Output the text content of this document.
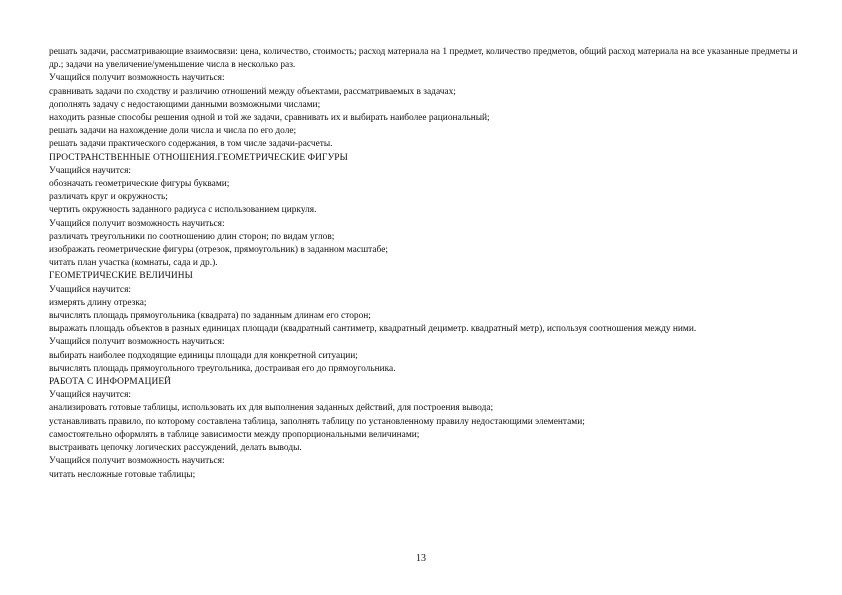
решать задачи, рассматривающие взаимосвязи: цена, количество, стоимость; расход материала на 1 предмет, количество предметов, общий расход материала на все указанные предметы и др.; задачи на увеличение/уменьшение числа в несколько раз.
Учащийся получит возможность научиться:
сравнивать задачи по сходству и различию отношений между объектами, рассматриваемых в задачах;
дополнять задачу с недостающими данными возможными числами;
находить разные способы решения одной и той же задачи, сравнивать их и выбирать наиболее рациональный;
решать задачи на нахождение доли числа и числа по его доле;
решать задачи практического содержания, в том числе задачи-расчеты.
ПРОСТРАНСТВЕННЫЕ ОТНОШЕНИЯ.ГЕОМЕТРИЧЕСКИЕ ФИГУРЫ
Учащийся научится:
обозначать геометрические фигуры буквами;
различать круг и окружность;
чертить окружность заданного радиуса с использованием циркуля.
Учащийся получит возможность научиться:
различать треугольники по соотношению длин сторон; по видам углов;
изображать геометрические фигуры (отрезок, прямоугольник) в заданном масштабе;
читать план участка (комнаты, сада и др.).
ГЕОМЕТРИЧЕСКИЕ ВЕЛИЧИНЫ
Учащийся научится:
измерять длину отрезка;
вычислять площадь прямоугольника (квадрата) по заданным длинам его сторон;
выражать площадь объектов в разных единицах площади (квадратный сантиметр, квадратный дециметр. квадратный метр), используя соотношения между ними.
Учащийся получит возможность научиться:
выбирать наиболее подходящие единицы площади для конкретной ситуации;
вычислять площадь прямоугольного треугольника, достраивая его до прямоугольника.
РАБОТА С ИНФОРМАЦИЕЙ
Учащийся научится:
анализировать готовые таблицы, использовать их для выполнения заданных действий, для построения вывода;
устанавливать правило, по которому составлена таблица, заполнять таблицу по установленному правилу недостающими элементами;
самостоятельно оформлять в таблице зависимости между пропорциональными величинами;
выстраивать цепочку логических рассуждений, делать выводы.
Учащийся получит возможность научиться:
читать несложные готовые таблицы;
13
